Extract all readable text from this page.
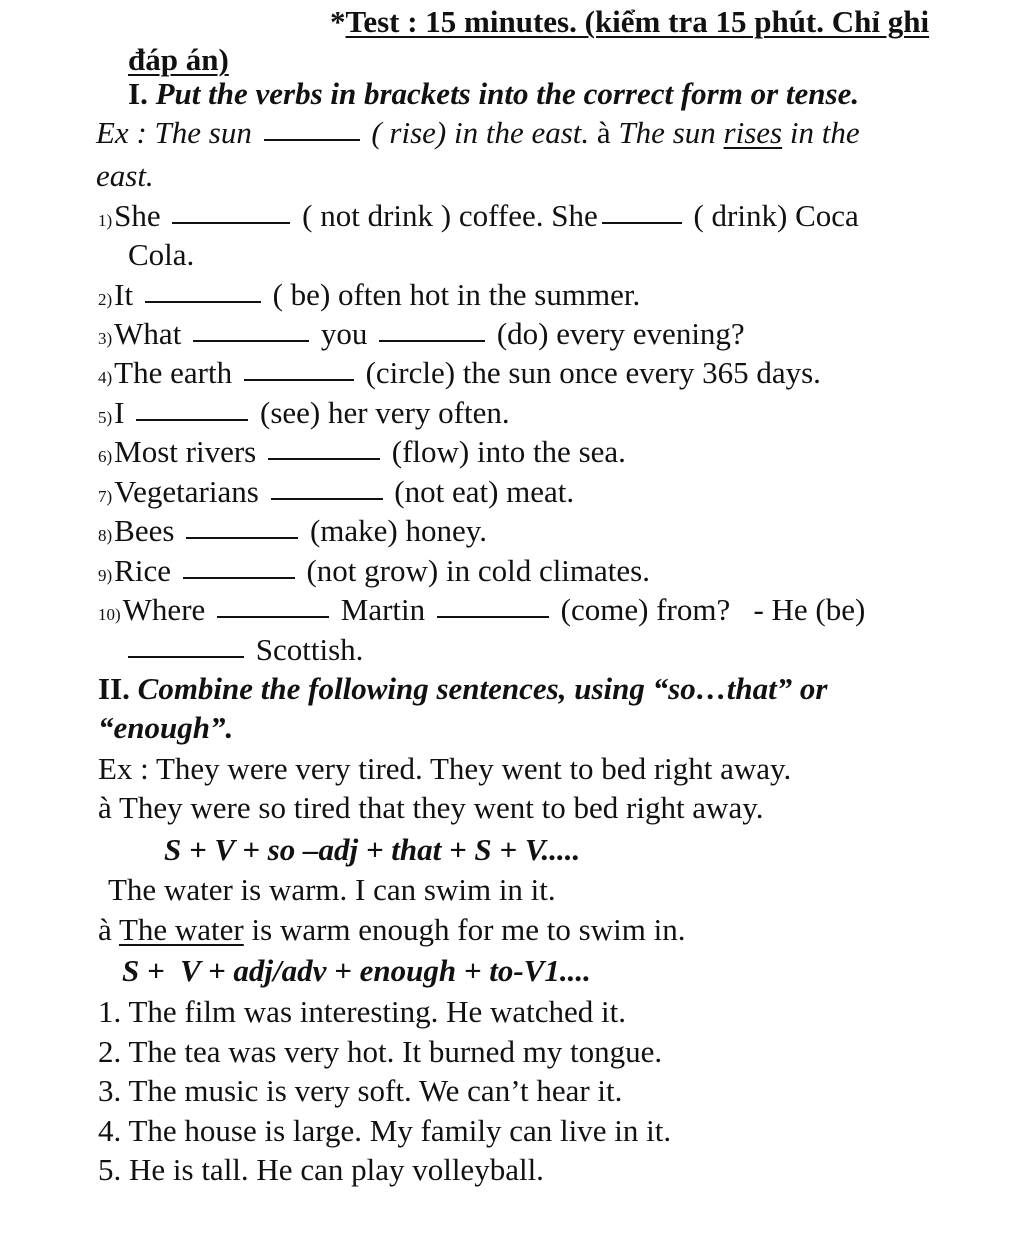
*Test : 15 minutes. (kiểm tra 15 phút. Chỉ ghi
đáp án)
I. Put the verbs in brackets into the correct form or tense.
Ex : The sun	( rise) in the east. à The sun rises in the
east.
1)She	( not drink ) coffee. She	( drink) Coca
Cola.
2)It	( be) often hot in the summer.
3)What	you	(do) every evening?
4)The earth	(circle) the sun once every 365 days.
5)I	(see) her very often.
6)Most rivers	(flow) into the sea.
7)Vegetarians	(not eat) meat.
8)Bees	(make) honey.
9)Rice	(not grow) in cold climates.
10)Where	Martin	(come) from?   - He (be)
Scottish.
II. Combine the following sentences, using “so…that” or
“enough”.
Ex : They were very tired. They went to bed right away.
à They were so tired that they went to bed right away.
S + V + so –adj + that + S + V.....
The water is warm. I can swim in it.
à The water is warm enough for me to swim in.
S +  V + adj/adv + enough + to-V1....
1. The film was interesting. He watched it.
2. The tea was very hot. It burned my tongue.
3. The music is very soft. We can’t hear it.
4. The house is large. My family can live in it.
5. He is tall. He can play volleyball.
